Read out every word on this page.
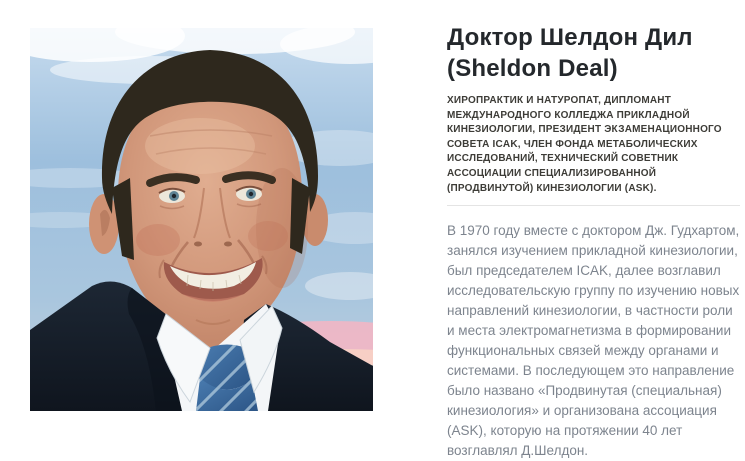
Доктор Шелдон Дил (Sheldon Deal)

ХИРОПРАКТИК И НАТУРОПАТ, ДИПЛОМАНТ МЕЖДУНАРОДНОГО КОЛЛЕДЖА ПРИКЛАДНОЙ КИНЕЗИОЛОГИИ, ПРЕЗИДЕНТ ЭКЗАМЕНАЦИОННОГО СОВЕТА ICAK, ЧЛЕН ФОНДА МЕТАБОЛИЧЕСКИХ ИССЛЕДОВАНИЙ, ТЕХНИЧЕСКИЙ СОВЕТНИК АССОЦИАЦИИ СПЕЦИАЛИЗИРОВАННОЙ (ПРОДВИНУТОЙ) КИНЕЗИОЛОГИИ (ASK).

В 1970 году вместе с доктором Дж. Гудхартом, занялся изучением прикладной кинезиологии, был председателем ICAK, далее возглавил исследовательскую группу по изучению новых направлений кинезиологии, в частности роли и места электромагнетизма в формировании функциональных связей между органами и системами. В последующем это направление было названо «Продвинутая (специальная) кинезиология» и организована ассоциация (ASK), которую на протяжении 40 лет возглавлял Д.Шелдон.
